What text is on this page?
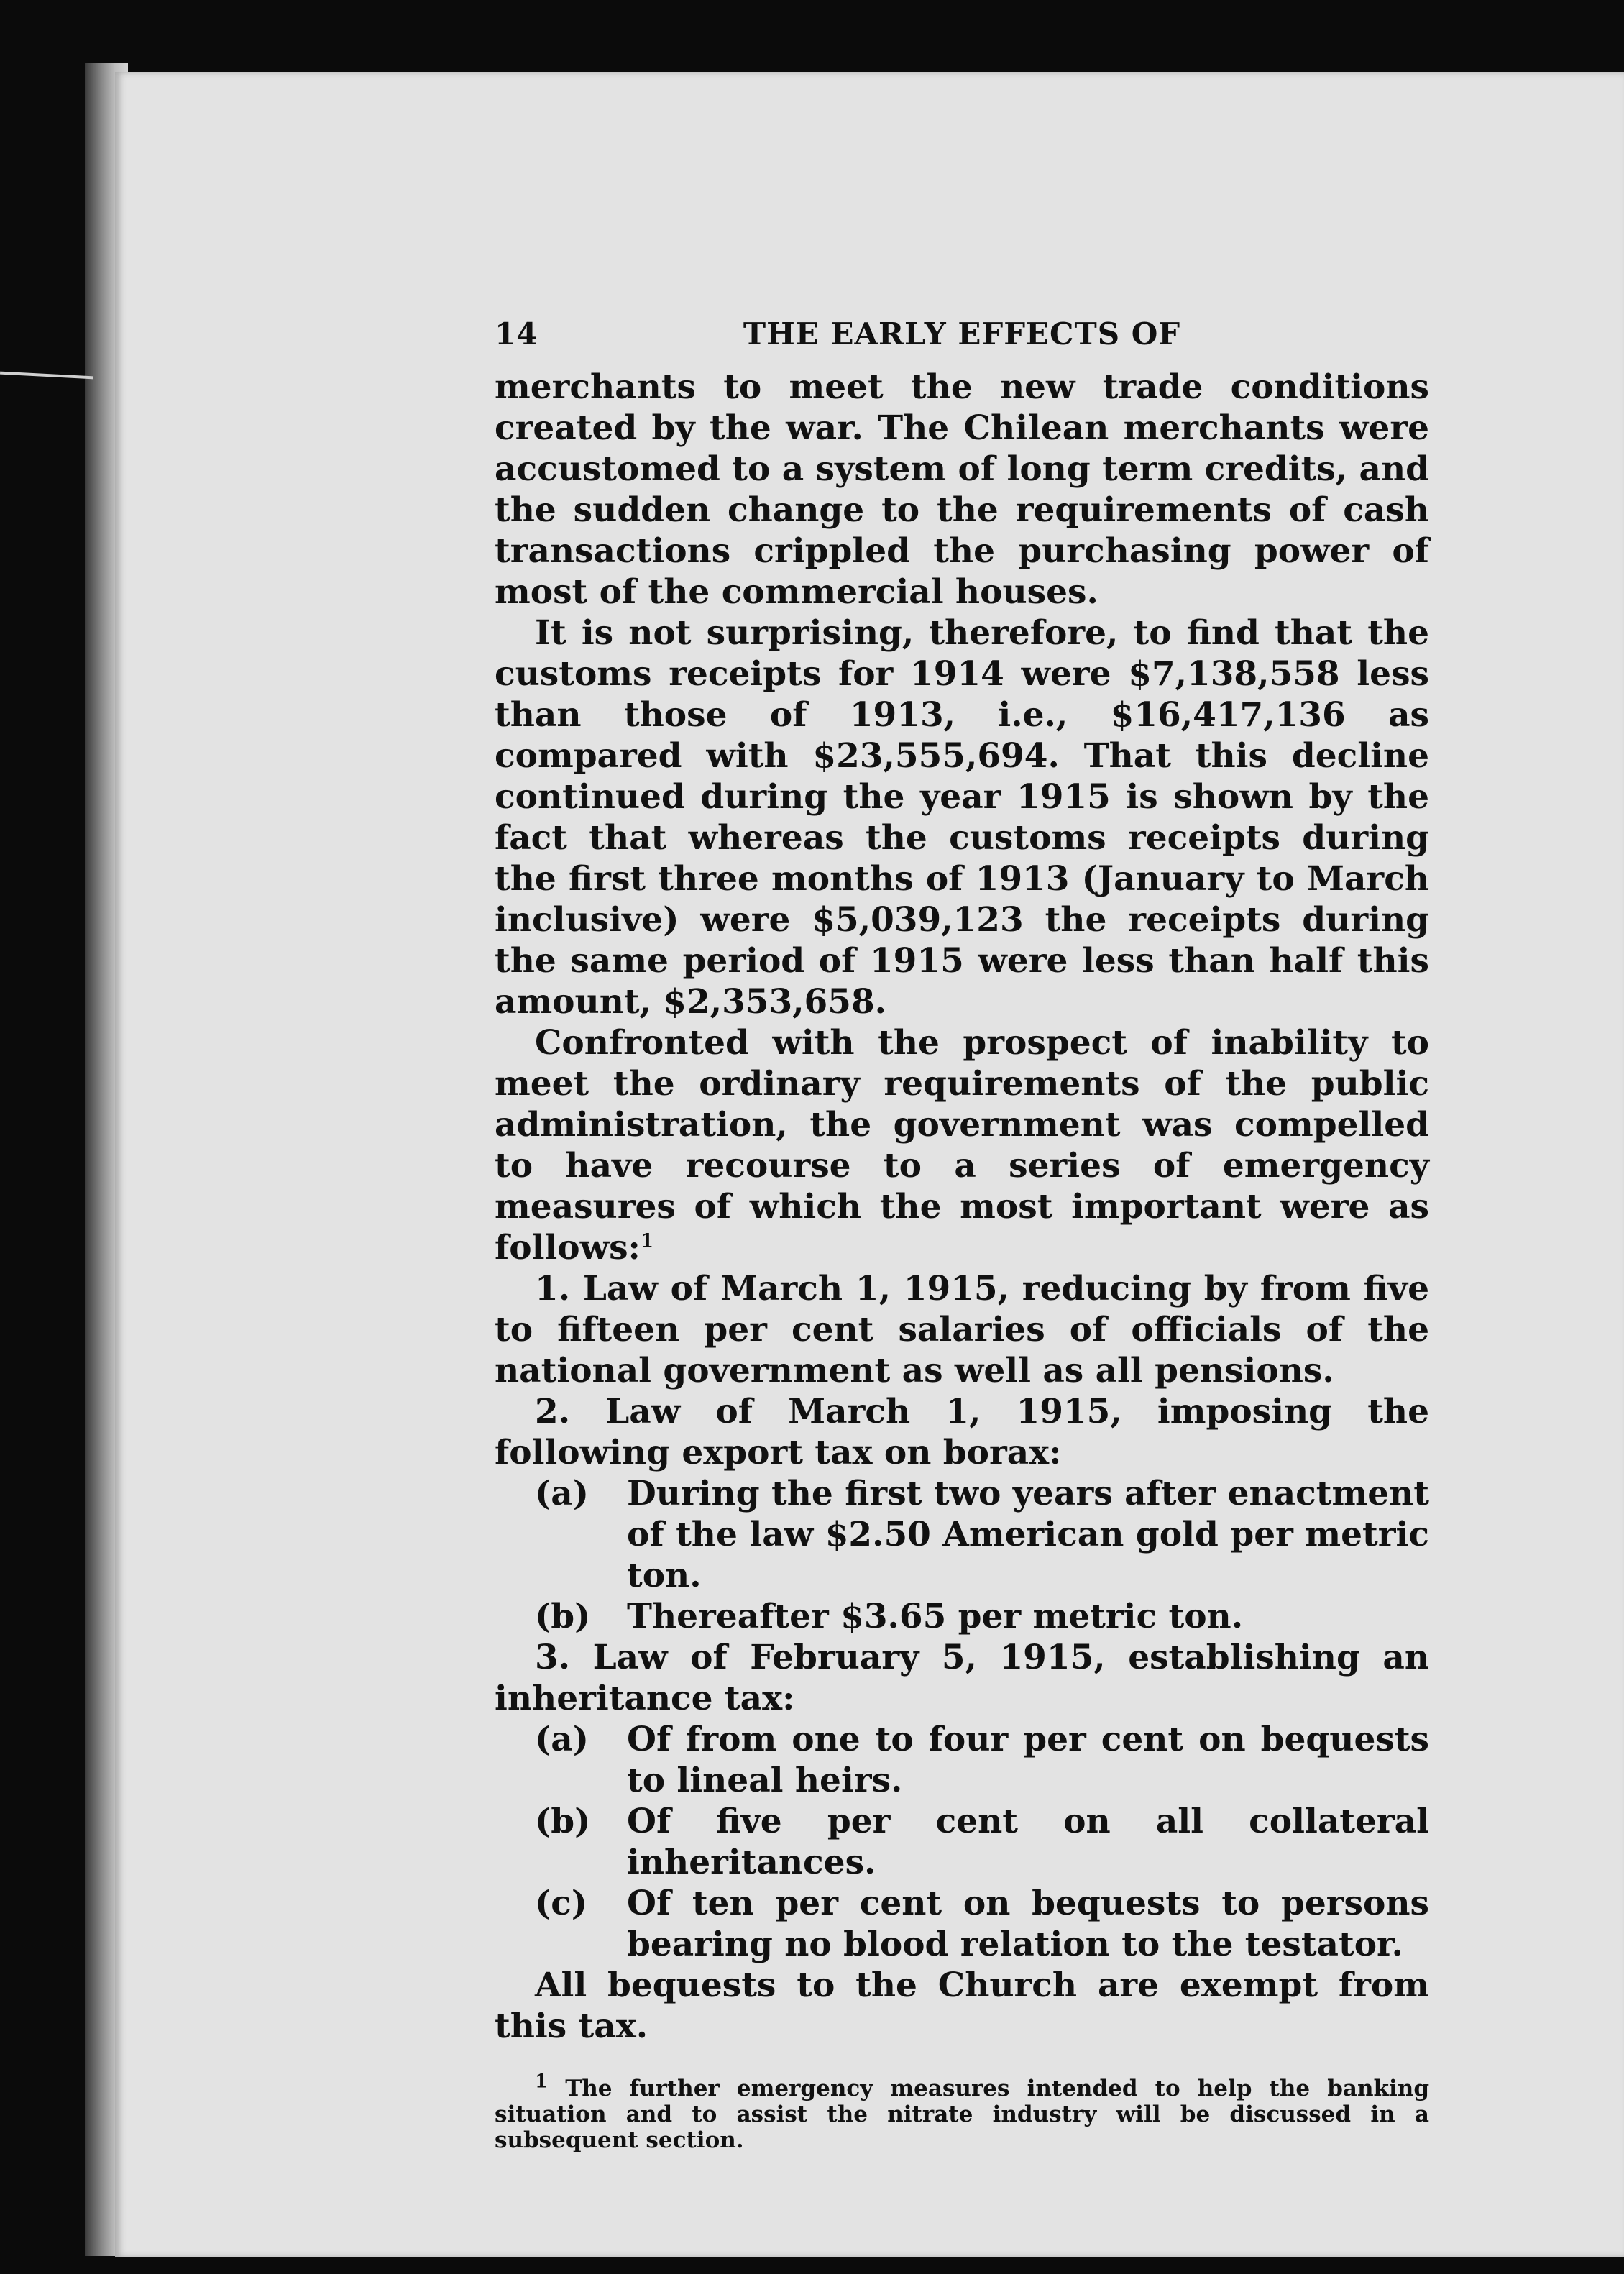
14	THE EARLY EFFECTS OF

merchants to meet the new trade conditions created by the war. The Chilean merchants were accustomed to a system of long term credits, and the sudden change to the requirements of cash transactions crippled the purchasing power of most of the commercial houses.

It is not surprising, therefore, to find that the customs receipts for 1914 were $7,138,558 less than those of 1913, i.e., $16,417,136 as compared with $23,555,694. That this decline continued during the year 1915 is shown by the fact that whereas the customs receipts during the first three months of 1913 (January to March inclusive) were $5,039,123 the receipts during the same period of 1915 were less than half this amount, $2,353,658.

Confronted with the prospect of inability to meet the ordinary requirements of the public administration, the government was compelled to have recourse to a series of emergency measures of which the most important were as follows:$^1$

1. Law of March 1, 1915, reducing by from five to fifteen per cent salaries of officials of the national government as well as all pensions.

2. Law of March 1, 1915, imposing the following export tax on borax:

(a)	During the first two years after enactment of the law $2.50 American gold per metric ton.
(b)	Thereafter $3.65 per metric ton.

3. Law of February 5, 1915, establishing an inheritance tax:

(a)	Of from one to four per cent on bequests to lineal heirs.
(b)	Of five per cent on all collateral inheritances.
(c)	Of ten per cent on bequests to persons bearing no blood relation to the testator.

All bequests to the Church are exempt from this tax.

$^1$ The further emergency measures intended to help the banking situation and to assist the nitrate industry will be discussed in a subsequent section.
